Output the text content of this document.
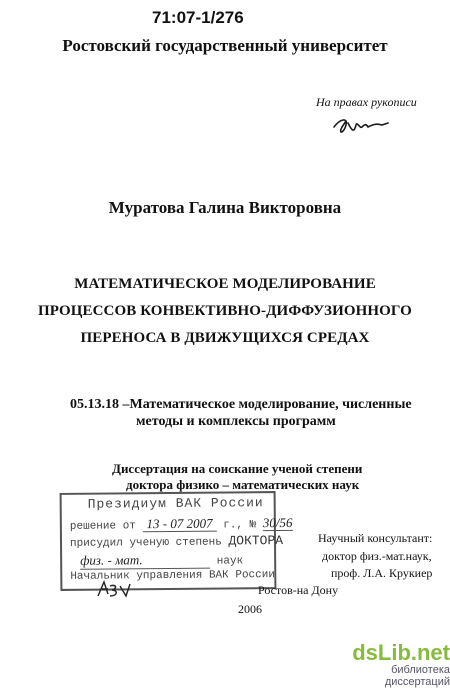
71:07-1/276
Ростовский государственный университет
На правах рукописи
Муратова Галина Викторовна
МАТЕМАТИЧЕСКОЕ МОДЕЛИРОВАНИЕ
ПРОЦЕССОВ КОНВЕКТИВНО-ДИФФУЗИОННОГО
ПЕРЕНОСА В ДВИЖУЩИХСЯ СРЕДАХ
05.13.18 –Математическое моделирование, численные
методы и комплексы программ
Диссертация на соискание ученой степени
доктора физико – математических наук
Президиум ВАК России
решение от 13 - 07 2007 г., № 30/56
присудил ученую степень ДОКТОРА
физ. - мат.	наук
Начальник управления ВАК России
Научный консультант:
доктор физ.-мат.наук,
проф. Л.А. Крукиер
Ростов-на Дону
2006
dsLib.net
библиотека диссертаций
